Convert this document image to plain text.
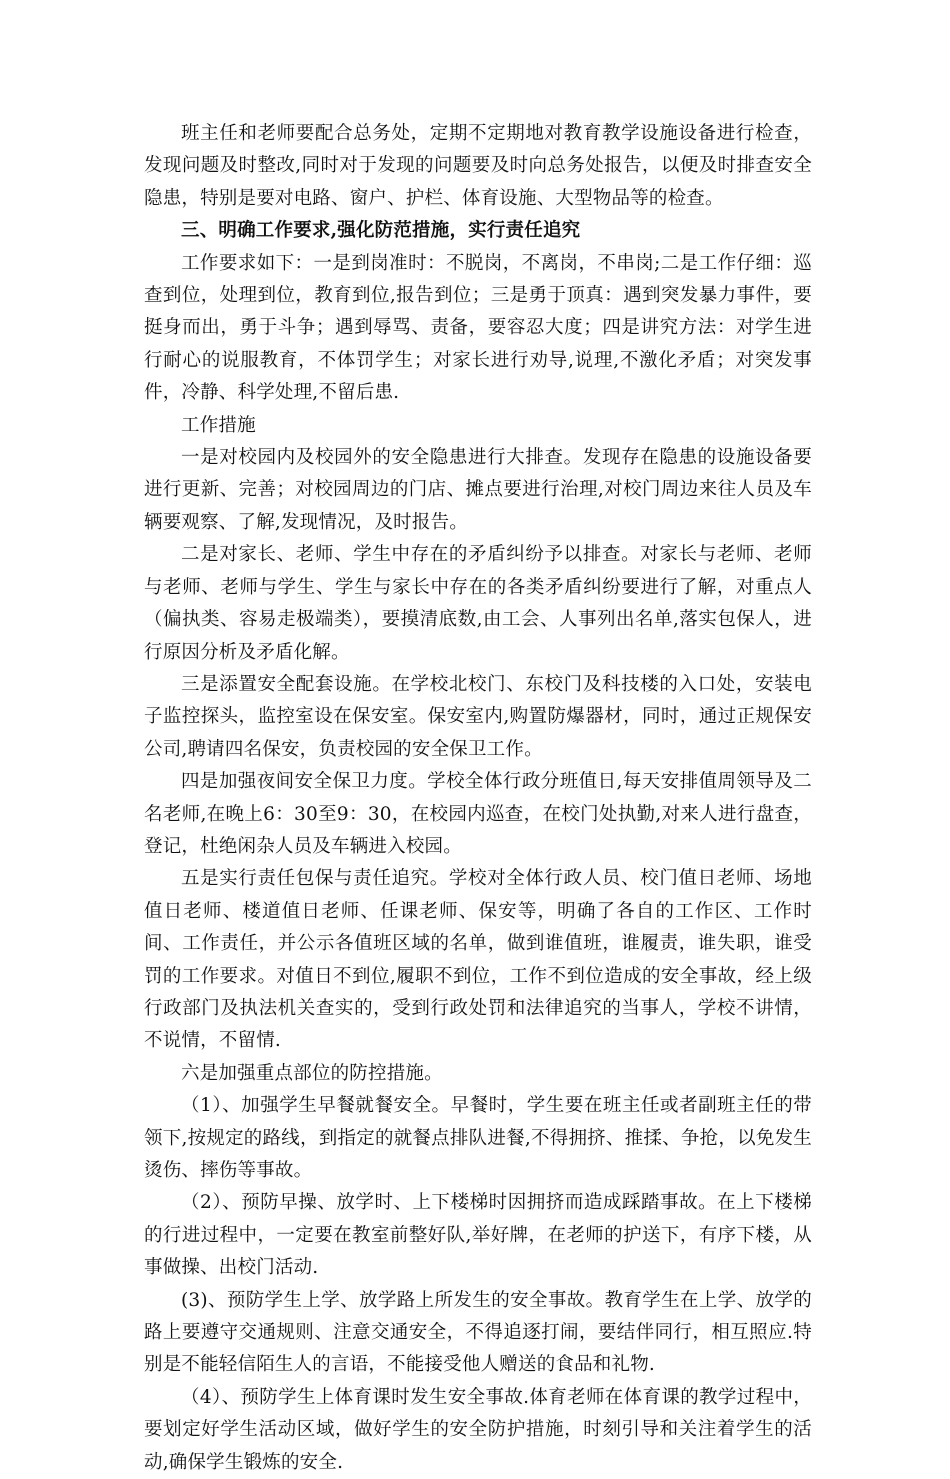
班主任和老师要配合总务处，定期不定期地对教育教学设施设备进行检查，发现问题及时整改,同时对于发现的问题要及时向总务处报告，以便及时排查安全隐患，特别是要对电路、窗户、护栏、体育设施、大型物品等的检查。

三、明确工作要求,强化防范措施，实行责任追究

工作要求如下：一是到岗准时：不脱岗，不离岗，不串岗;二是工作仔细：巡查到位，处理到位，教育到位,报告到位；三是勇于顶真：遇到突发暴力事件，要挺身而出，勇于斗争；遇到辱骂、责备，要容忍大度；四是讲究方法：对学生进行耐心的说服教育，不体罚学生；对家长进行劝导,说理,不激化矛盾；对突发事件，冷静、科学处理,不留后患.

工作措施

一是对校园内及校园外的安全隐患进行大排查。发现存在隐患的设施设备要进行更新、完善；对校园周边的门店、摊点要进行治理,对校门周边来往人员及车辆要观察、了解,发现情况，及时报告。

二是对家长、老师、学生中存在的矛盾纠纷予以排查。对家长与老师、老师与老师、老师与学生、学生与家长中存在的各类矛盾纠纷要进行了解，对重点人（偏执类、容易走极端类），要摸清底数,由工会、人事列出名单,落实包保人，进行原因分析及矛盾化解。

三是添置安全配套设施。在学校北校门、东校门及科技楼的入口处，安装电子监控探头，监控室设在保安室。保安室内,购置防爆器材，同时，通过正规保安公司,聘请四名保安，负责校园的安全保卫工作。

四是加强夜间安全保卫力度。学校全体行政分班值日,每天安排值周领导及二名老师,在晚上6：30至9：30，在校园内巡查，在校门处执勤,对来人进行盘查，登记，杜绝闲杂人员及车辆进入校园。

五是实行责任包保与责任追究。学校对全体行政人员、校门值日老师、场地值日老师、楼道值日老师、任课老师、保安等，明确了各自的工作区、工作时间、工作责任，并公示各值班区域的名单，做到谁值班，谁履责，谁失职，谁受罚的工作要求。对值日不到位,履职不到位，工作不到位造成的安全事故，经上级行政部门及执法机关查实的，受到行政处罚和法律追究的当事人，学校不讲情，不说情，不留情.

六是加强重点部位的防控措施。

（1）、加强学生早餐就餐安全。早餐时，学生要在班主任或者副班主任的带领下,按规定的路线，到指定的就餐点排队进餐,不得拥挤、推揉、争抢，以免发生烫伤、摔伤等事故。

（2）、预防早操、放学时、上下楼梯时因拥挤而造成踩踏事故。在上下楼梯的行进过程中，一定要在教室前整好队,举好牌，在老师的护送下，有序下楼，从事做操、出校门活动.

(3)、预防学生上学、放学路上所发生的安全事故。教育学生在上学、放学的路上要遵守交通规则、注意交通安全，不得追逐打闹，要结伴同行，相互照应.特别是不能轻信陌生人的言语，不能接受他人赠送的食品和礼物.

（4）、预防学生上体育课时发生安全事故.体育老师在体育课的教学过程中，要划定好学生活动区域，做好学生的安全防护措施，时刻引导和关注着学生的活动,确保学生锻炼的安全.
